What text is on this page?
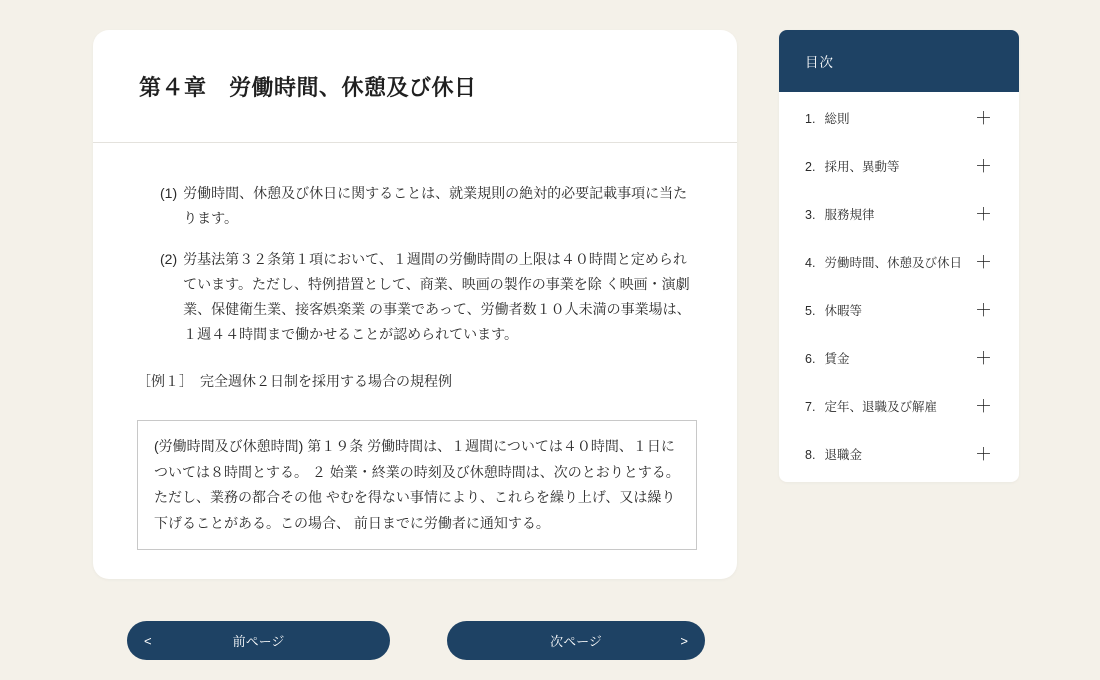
第４章　労働時間、休憩及び休日
(1) 労働時間、休憩及び休日に関することは、就業規則の絶対的必要記載事項に当たります。
(2) 労基法第３２条第１項において、１週間の労働時間の上限は４０時間と定められています。ただし、特例措置として、商業、映画の製作の事業を除 く映画・演劇業、保健衛生業、接客娯楽業 の事業であって、労働者数１０人未満の事業場は、１週４４時間まで働かせることが認められています。
［例１］　完全週休２日制を採用する場合の規程例
(労働時間及び休憩時間) 第１９条 労働時間は、１週間については４０時間、１日については８時間とする。 ２ 始業・終業の時刻及び休憩時間は、次のとおりとする。ただし、業務の都合その他 やむを得ない事情により、これらを繰り上げ、又は繰り下げることがある。この場合、 前日までに労働者に通知する。
目次
1. 総則	＋
2. 採用、異動等	＋
3. 服務規律	＋
4. 労働時間、休憩及び休日 ＋
5. 休暇等	＋
6. 賃金	＋
7. 定年、退職及び解雇 ＋
8. 退職金	＋
<	前ページ	次ページ	>
